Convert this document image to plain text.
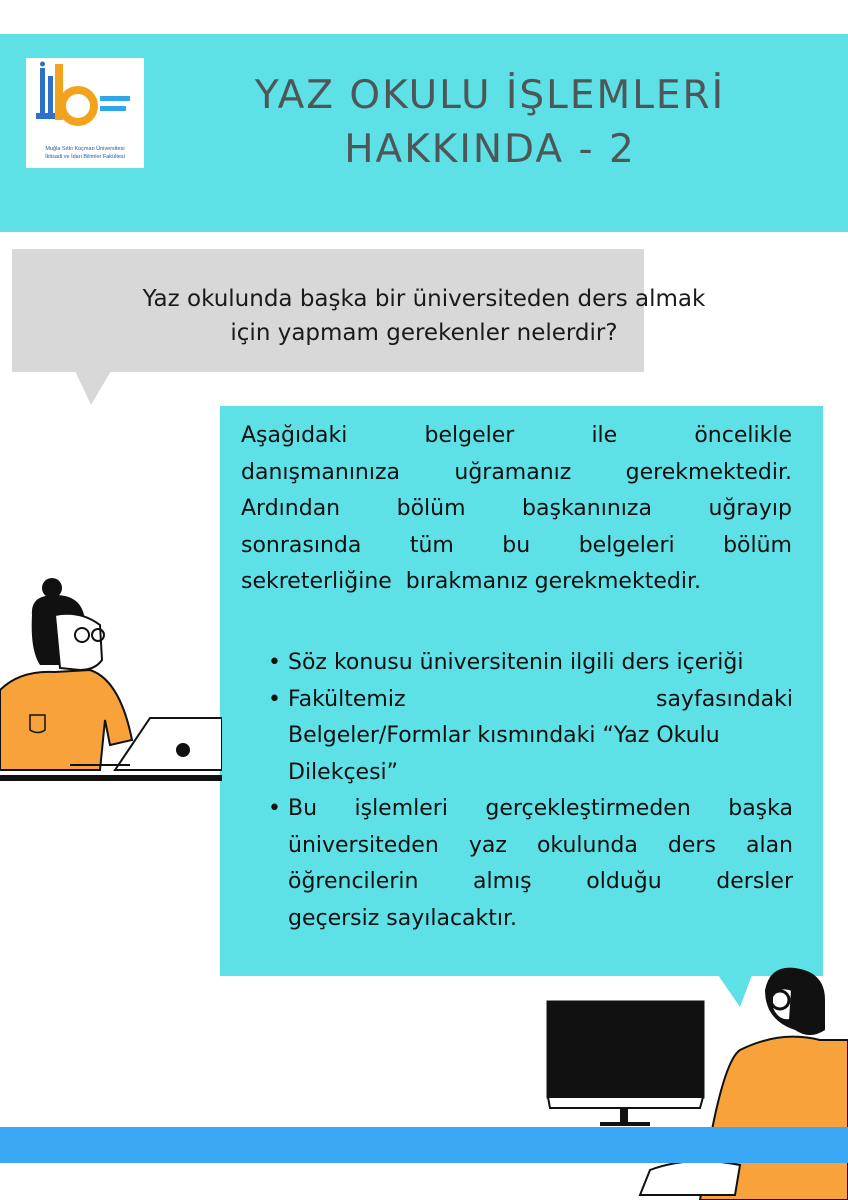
Muğla Sıtkı Koçman Üniversitesi
İktisadi ve İdari Bilimler Fakültesi
YAZ OKULU İŞLEMLERİ
HAKKINDA - 2
Yaz okulunda başka bir üniversiteden ders almak
için yapmam gerekenler nelerdir?
Aşağıdaki	belgeler	ile	öncelikle
danışmanınıza uğramanız gerekmektedir.
Ardından	bölüm	başkanınıza	uğrayıp
sonrasında tüm bu belgeleri bölüm
sekreterliğine  bırakmanız gerekmektedir.
• Söz konusu üniversitenin ilgili ders içeriği
• Fakültemiz	sayfasındaki
Belgeler/Formlar kısmındaki “Yaz Okulu
Dilekçesi”
• Bu işlemleri gerçekleştirmeden başka
üniversiteden yaz okulunda ders alan
öğrencilerin almış olduğu dersler
geçersiz sayılacaktır.
